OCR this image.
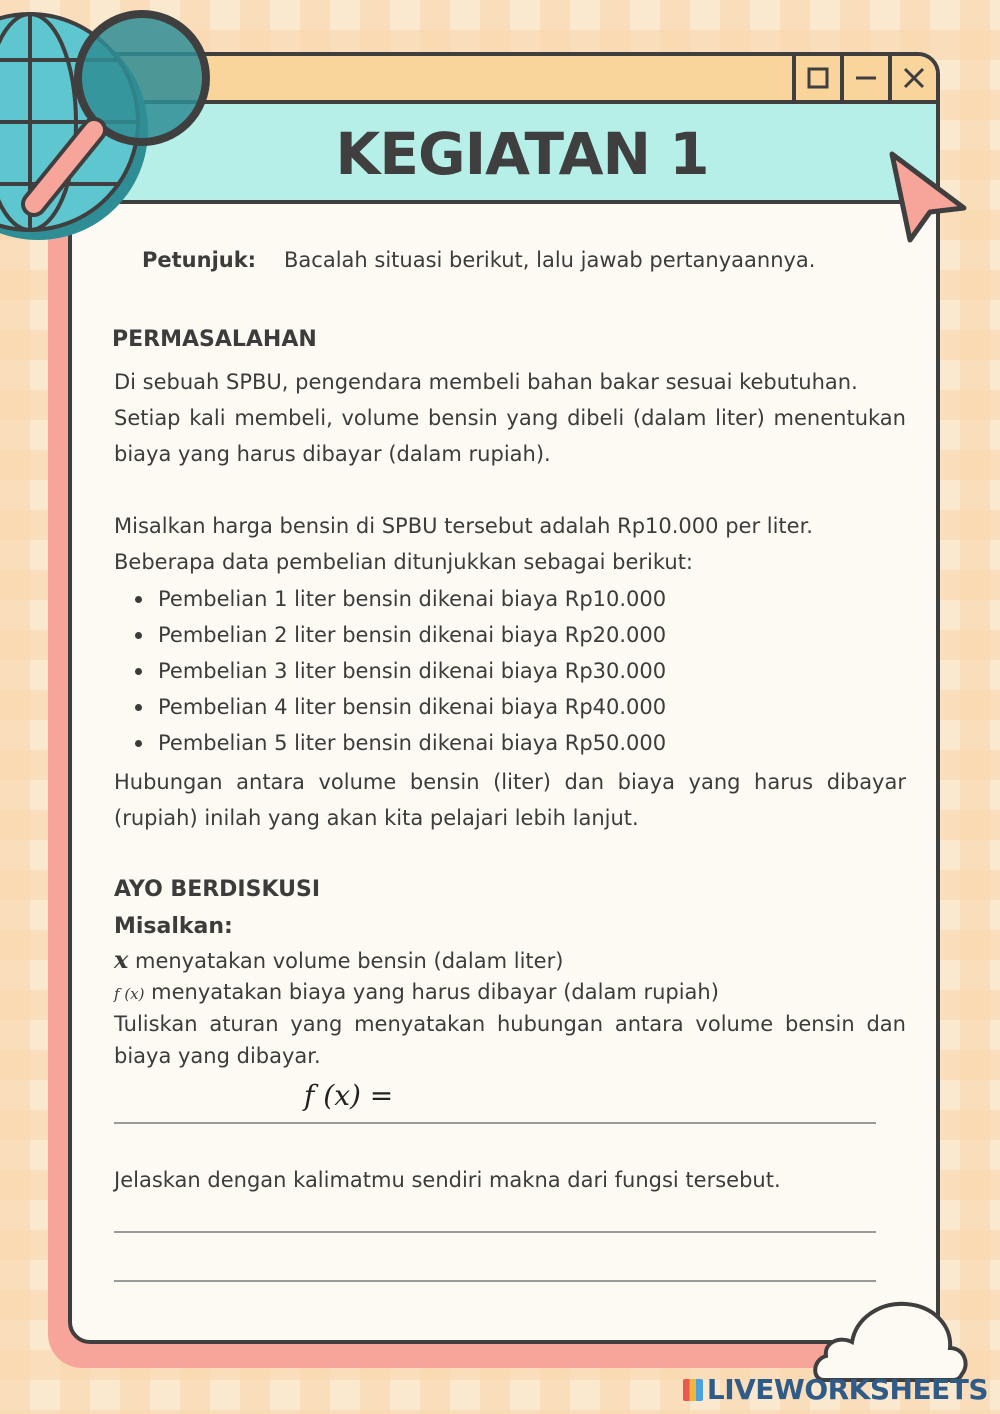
KEGIATAN 1
Petunjuk: Bacalah situasi berikut, lalu jawab pertanyaannya.
PERMASALAHAN
Di sebuah SPBU, pengendara membeli bahan bakar sesuai kebutuhan.
Setiap kali membeli, volume bensin yang dibeli (dalam liter) menentukan
biaya yang harus dibayar (dalam rupiah).
Misalkan harga bensin di SPBU tersebut adalah Rp10.000 per liter.
Beberapa data pembelian ditunjukkan sebagai berikut:
Pembelian 1 liter bensin dikenai biaya Rp10.000
Pembelian 2 liter bensin dikenai biaya Rp20.000
Pembelian 3 liter bensin dikenai biaya Rp30.000
Pembelian 4 liter bensin dikenai biaya Rp40.000
Pembelian 5 liter bensin dikenai biaya Rp50.000
Hubungan antara volume bensin (liter) dan biaya yang harus dibayar
(rupiah) inilah yang akan kita pelajari lebih lanjut.
AYO BERDISKUSI
Misalkan:
x menyatakan volume bensin (dalam liter)
f (x) menyatakan biaya yang harus dibayar (dalam rupiah)
Tuliskan aturan yang menyatakan hubungan antara volume bensin dan
biaya yang dibayar.
f (x) =
Jelaskan dengan kalimatmu sendiri makna dari fungsi tersebut.
LIVEWORKSHEETS
